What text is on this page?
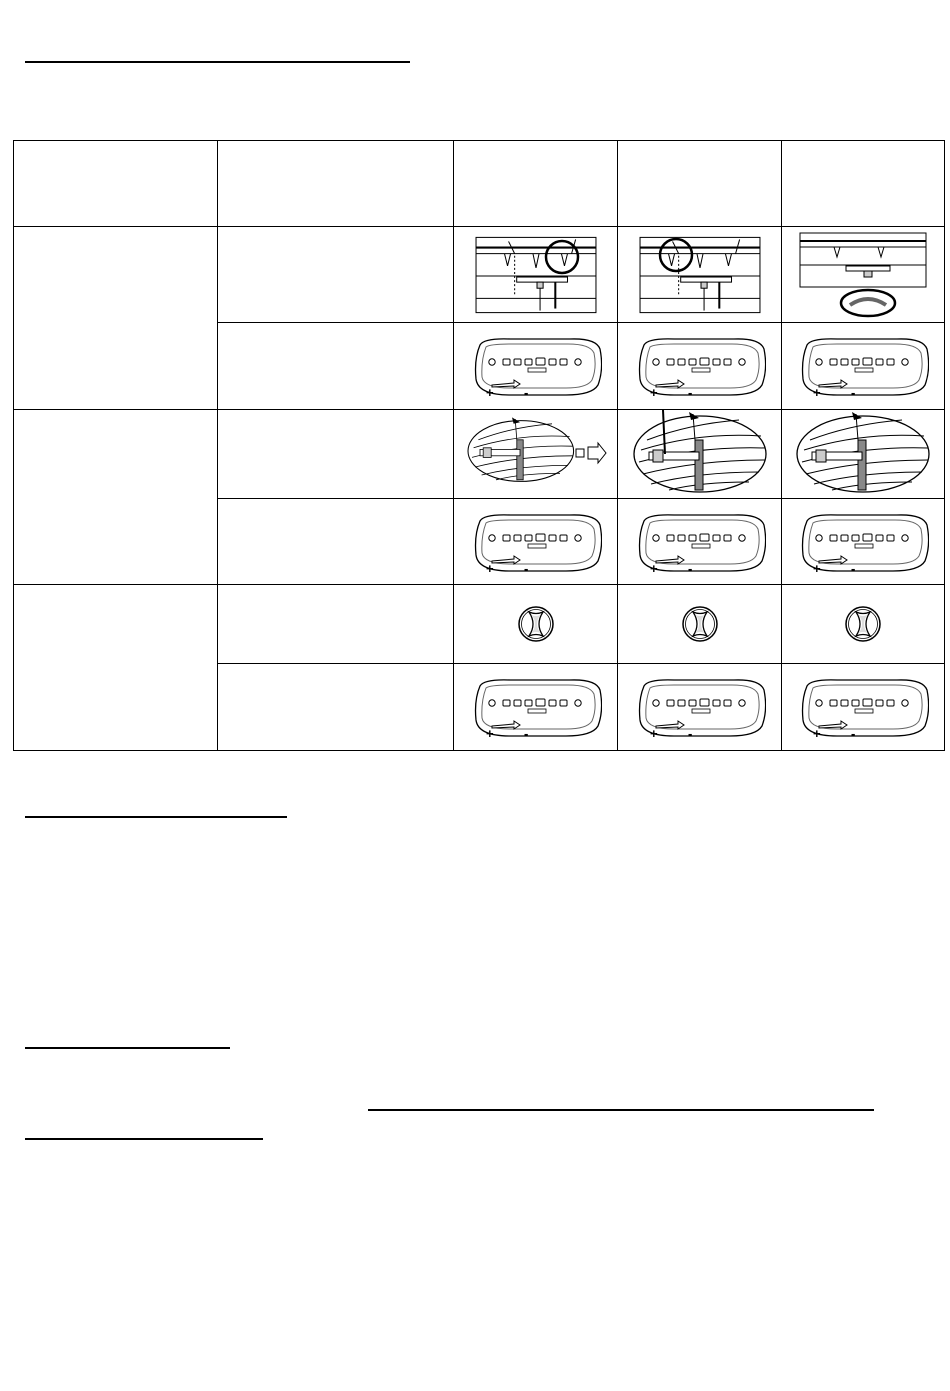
+ -	+ -	+ -

+ -	+ -	+ -

+ -	+ -	+ -
